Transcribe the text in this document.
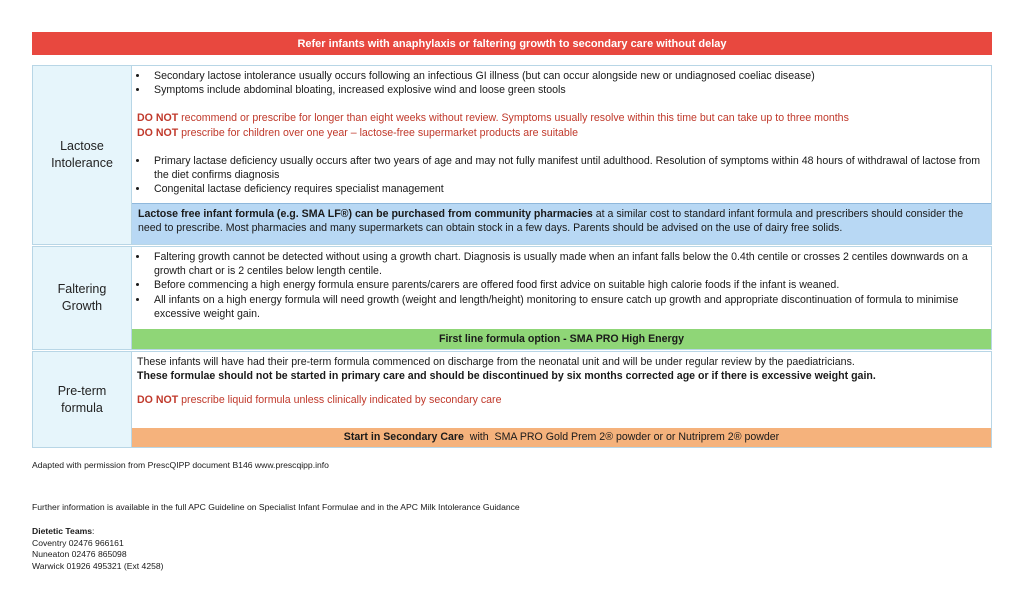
Refer infants with anaphylaxis or faltering growth to secondary care without delay
Lactose
Intolerance
• Secondary lactose intolerance usually occurs following an infectious GI illness (but can occur alongside new or undiagnosed coeliac disease)
• Symptoms include abdominal bloating, increased explosive wind and loose green stools

DO NOT recommend or prescribe for longer than eight weeks without review. Symptoms usually resolve within this time but can take up to three months

DO NOT prescribe for children over one year – lactose-free supermarket products are suitable

• Primary lactase deficiency usually occurs after two years of age and may not fully manifest until adulthood. Resolution of symptoms within 48 hours of withdrawal of lactose from the diet confirms diagnosis
• Congenital lactase deficiency requires specialist management
Lactose free infant formula (e.g. SMA LF®) can be purchased from community pharmacies at a similar cost to standard infant formula and prescribers should consider the need to prescribe. Most pharmacies and many supermarkets can obtain stock in a few days. Parents should be advised on the use of dairy free solids.
Faltering
Growth
• Faltering growth cannot be detected without using a growth chart. Diagnosis is usually made when an infant falls below the 0.4th centile or crosses 2 centiles downwards on a growth chart or is 2 centiles below length centile.
• Before commencing a high energy formula ensure parents/carers are offered food first advice on suitable high calorie foods if the infant is weaned.
• All infants on a high energy formula will need growth (weight and length/height) monitoring to ensure catch up growth and appropriate discontinuation of formula to minimise excessive weight gain.
First line formula option - SMA PRO High Energy
Pre-term
formula

These infants will have had their pre-term formula commenced on discharge from the neonatal unit and will be under regular review by the paediatricians.

These formulae should not be started in primary care and should be discontinued by six months corrected age or if there is excessive weight gain.

DO NOT prescribe liquid formula unless clinically indicated by secondary care

Start in Secondary Care with  SMA PRO Gold Prem 2® powder or or Nutriprem 2® powder
Adapted with permission from PrescQIPP document B146 www.prescqipp.info
Further information is available in the full APC Guideline on Specialist Infant Formulae and in the APC Milk Intolerance Guidance
Dietetic Teams:
Coventry 02476 966161
Nuneaton 02476 865098
Warwick 01926 495321 (Ext 4258)
